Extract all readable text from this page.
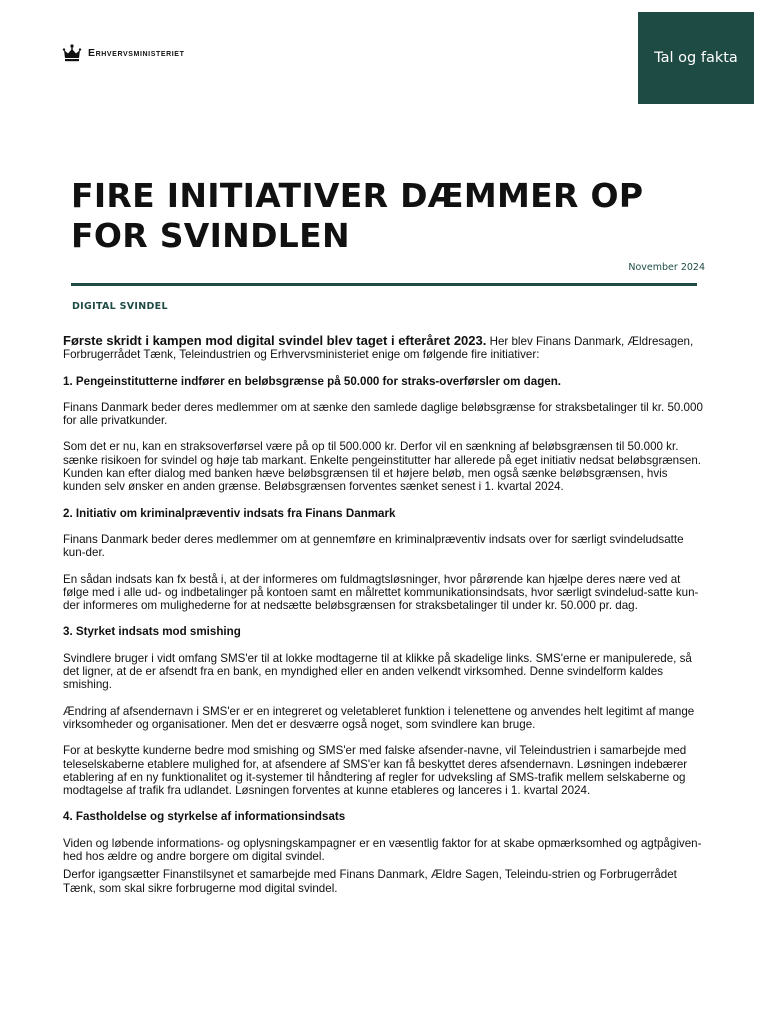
Erhvervsministeriet	Tal og fakta
FIRE INITIATIVER DÆMMER OP
FOR SVINDLEN
November 2024
DIGITAL SVINDEL

Første skridt i kampen mod digital svindel blev taget i efteråret 2023. Her blev Finans Danmark, Ældresagen, Forbrugerrådet Tænk, Teleindustrien og Erhvervsministeriet enige om følgende fire initiativer:

1. Pengeinstitutterne indfører en beløbsgrænse på 50.000 for straks-overførsler om dagen.

Finans Danmark beder deres medlemmer om at sænke den samlede daglige beløbsgrænse for straksbetalinger til kr. 50.000 for alle privatkunder.

Som det er nu, kan en straksoverførsel være på op til 500.000 kr. Derfor vil en sænkning af beløbsgrænsen til 50.000 kr. sænke risikoen for svindel og høje tab markant. Enkelte pengeinstitutter har allerede på eget initiativ nedsat beløbsgrænsen. Kunden kan efter dialog med banken hæve beløbsgrænsen til et højere beløb, men også sænke beløbsgrænsen, hvis kunden selv ønsker en anden grænse. Beløbsgrænsen forventes sænket senest i 1. kvartal 2024.

2. Initiativ om kriminalpræventiv indsats fra Finans Danmark

Finans Danmark beder deres medlemmer om at gennemføre en kriminalpræventiv indsats over for særligt svindeludsatte kun-der.

En sådan indsats kan fx bestå i, at der informeres om fuldmagtsløsninger, hvor pårørende kan hjælpe deres nære ved at følge med i alle ud- og indbetalinger på kontoen samt en målrettet kommunikationsindsats, hvor særligt svindelud-satte kun-der informeres om mulighederne for at nedsætte beløbsgrænsen for straksbetalinger til under kr. 50.000 pr. dag.

3. Styrket indsats mod smishing

Svindlere bruger i vidt omfang SMS'er til at lokke modtagerne til at klikke på skadelige links. SMS'erne er manipulerede, så det ligner, at de er afsendt fra en bank, en myndighed eller en anden velkendt virksomhed. Denne svindelform kaldes smishing.

Ændring af afsendernavn i SMS'er er en integreret og veletableret funktion i telenettene og anvendes helt legitimt af mange virksomheder og organisationer. Men det er desværre også noget, som svindlere kan bruge.

For at beskytte kunderne bedre mod smishing og SMS'er med falske afsender-navne, vil Teleindustrien i samarbejde med teleselskaberne etablere mulighed for, at afsendere af SMS'er kan få beskyttet deres afsendernavn. Løsningen indebærer etablering af en ny funktionalitet og it-systemer til håndtering af regler for udveksling af SMS-trafik mellem selskaberne og modtagelse af trafik fra udlandet. Løsningen forventes at kunne etableres og lanceres i 1. kvartal 2024.

4. Fastholdelse og styrkelse af informationsindsats

Viden og løbende informations- og oplysningskampagner er en væsentlig faktor for at skabe opmærksomhed og agtpågiven-hed hos ældre og andre borgere om digital svindel.

Derfor igangsætter Finanstilsynet et samarbejde med Finans Danmark, Ældre Sagen, Teleindu-strien og Forbrugerrådet Tænk, som skal sikre forbrugerne mod digital svindel.
